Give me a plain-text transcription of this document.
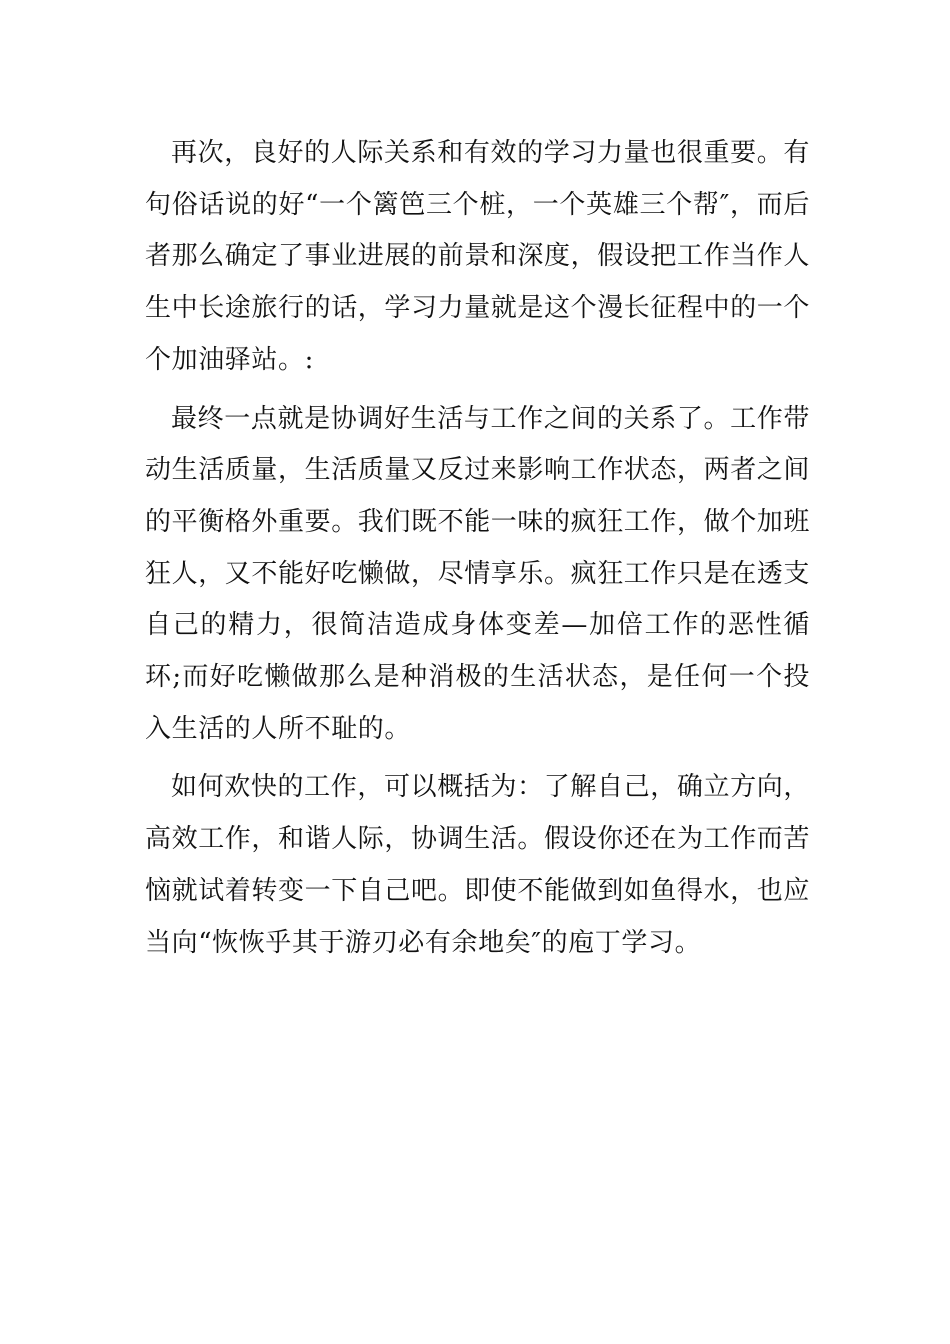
再次，良好的人际关系和有效的学习力量也很重要。有句俗话说的好“一个篱笆三个桩，一个英雄三个帮″，而后者那么确定了事业进展的前景和深度，假设把工作当作人生中长途旅行的话，学习力量就是这个漫长征程中的一个个加油驿站。:

最终一点就是协调好生活与工作之间的关系了。工作带动生活质量，生活质量又反过来影响工作状态，两者之间的平衡格外重要。我们既不能一味的疯狂工作，做个加班狂人，又不能好吃懒做，尽情享乐。疯狂工作只是在透支自己的精力，很简洁造成身体变差—加倍工作的恶性循环;而好吃懒做那么是种消极的生活状态，是任何一个投入生活的人所不耻的。

如何欢快的工作，可以概括为：了解自己，确立方向，高效工作，和谐人际，协调生活。假设你还在为工作而苦恼就试着转变一下自己吧。即使不能做到如鱼得水，也应当向“恢恢乎其于游刃必有余地矣″的庖丁学习。
